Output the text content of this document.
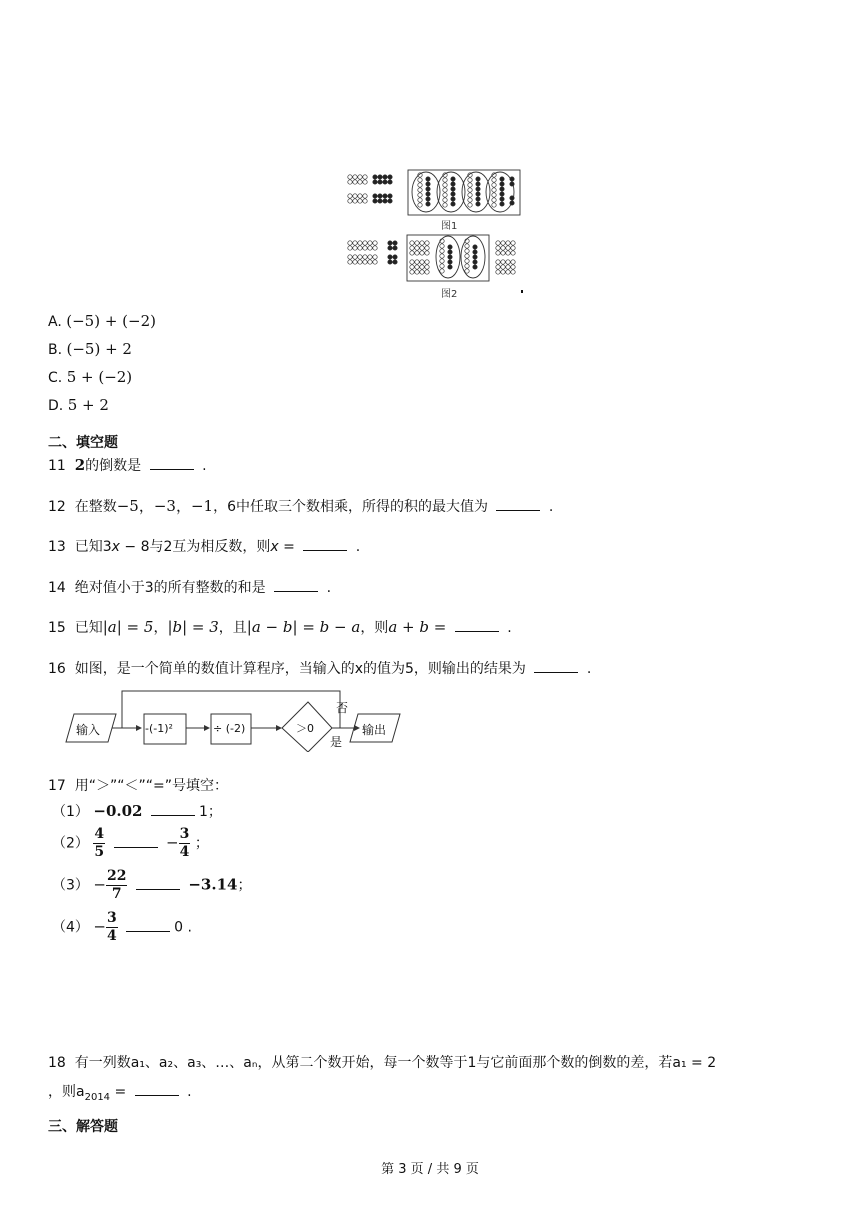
图1
图2
A. (−5) + (−2)
B. (−5) + 2
C. 5 + (−2)
D. 5 + 2
二、填空题
11 2的倒数是	.
12 在整数−5，−3，−1，6中任取三个数相乘，所得的积的最大值为	.
13 已知3x − 8与2互为相反数，则x =	.
14 绝对值小于3的所有整数的和是	.
15 已知|a| = 5，|b| = 3，且|a − b| = b − a，则a + b =	.
16 如图，是一个简单的数值计算程序，当输入的x的值为5，则输出的结果为	.
输入	-(-1)²	÷ (-2)	＞0
否
是
输出
17 用“＞”“＜”“=”号填空：
（1） −0.02	1；
$(2) \frac{4}{5}$	− $\frac{3}{4}$ ；
$(3) - \frac{22}{7}$	−3.14；
$(4) - \frac{3}{4}$	0 .
18 有一列数a₁、a₂、a₃、…、aₙ，从第二个数开始，每一个数等于1与它前面那个数的倒数的差，若a₁ = 2
，则$a_{2014}$ =	.
三、解答题
第 3 页 / 共 9 页
